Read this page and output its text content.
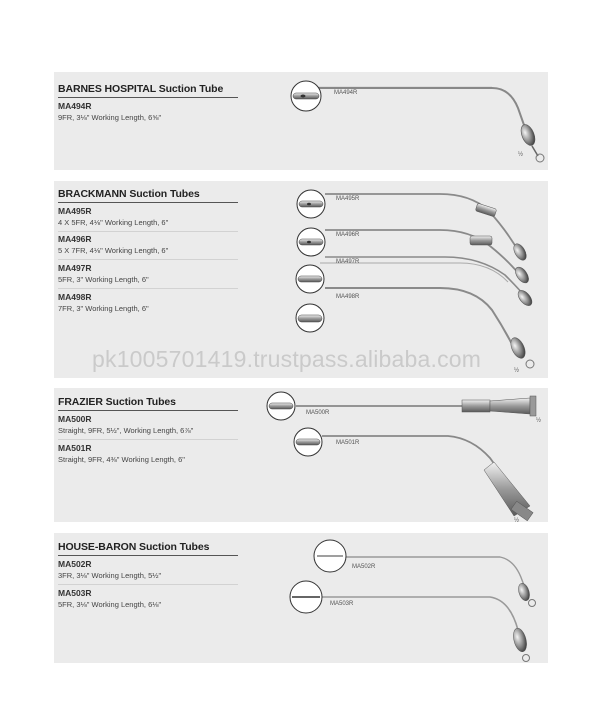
BARNES HOSPITAL Suction Tube
MA494R
9FR, 3⅛" Working Length, 6⅝"
BRACKMANN Suction Tubes
MA495R
4 X 5FR, 4⅛" Working Length, 6"
MA496R
5 X 7FR, 4⅛" Working Length, 6"
MA497R
5FR, 3" Working Length, 6"
MA498R
7FR, 3" Working Length, 6"
FRAZIER Suction Tubes
MA500R
Straight, 9FR, 5½", Working Length, 6⅞"
MA501R
Straight, 9FR, 4⅜" Working Length, 6"
HOUSE-BARON Suction Tubes
MA502R
3FR, 3⅛" Working Length, 5½"
MA503R
5FR, 3⅛" Working Length, 6⅛"
MA494R
MA495R
MA496R
MA497R
MA498R
MA500R
MA501R
MA502R
MA503R
½
½
½
½
pk1005701419.trustpass.alibaba.com
